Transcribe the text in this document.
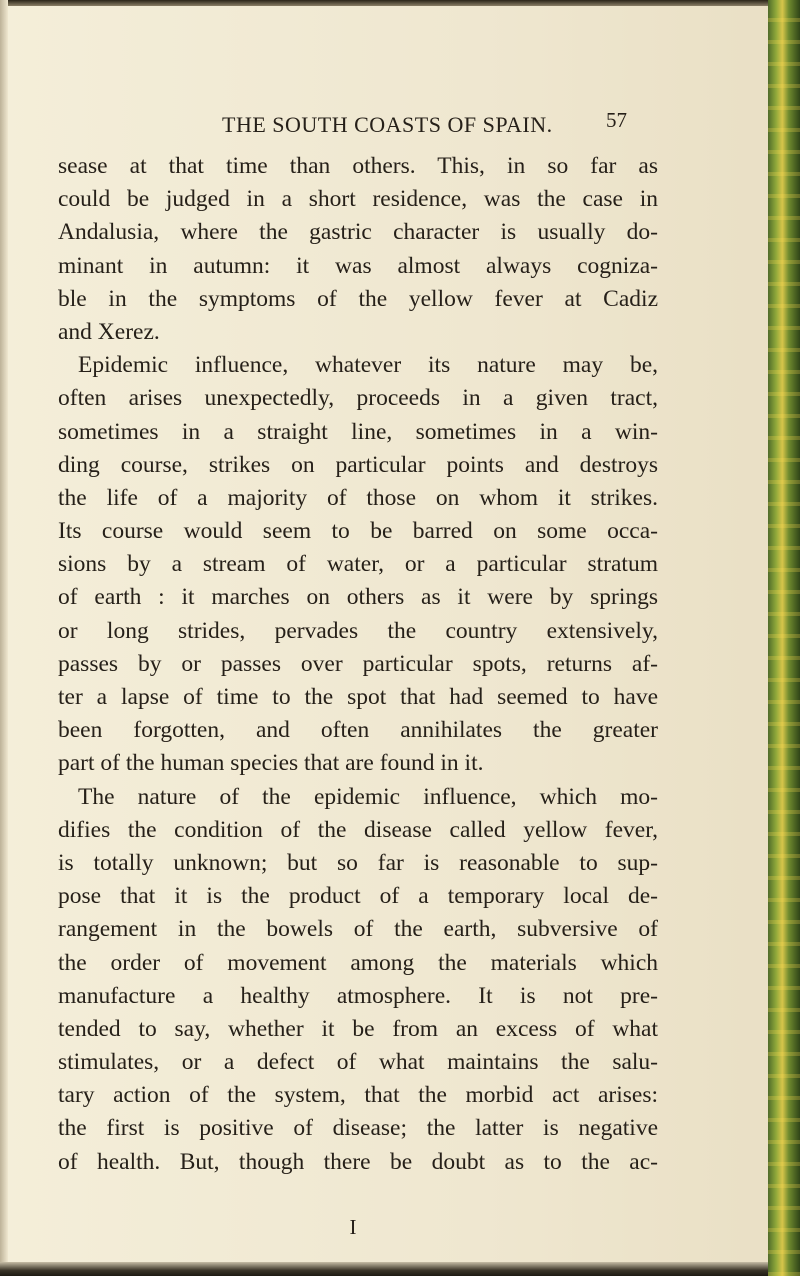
THE SOUTH COASTS OF SPAIN.	57
sease at that time than others. This, in so far as
could be judged in a short residence, was the case in
Andalusia, where the gastric character is usually do-
minant in autumn: it was almost always cogniza-
ble in the symptoms of the yellow fever at Cadiz
and Xerez.
Epidemic influence, whatever its nature may be,
often arises unexpectedly, proceeds in a given tract,
sometimes in a straight line, sometimes in a win-
ding course, strikes on particular points and destroys
the life of a majority of those on whom it strikes.
Its course would seem to be barred on some occa-
sions by a stream of water, or a particular stratum
of earth : it marches on others as it were by springs
or long strides, pervades the country extensively,
passes by or passes over particular spots, returns af-
ter a lapse of time to the spot that had seemed to have
been forgotten, and often annihilates the greater
part of the human species that are found in it.
The nature of the epidemic influence, which mo-
difies the condition of the disease called yellow fever,
is totally unknown; but so far is reasonable to sup-
pose that it is the product of a temporary local de-
rangement in the bowels of the earth, subversive of
the order of movement among the materials which
manufacture a healthy atmosphere. It is not pre-
tended to say, whether it be from an excess of what
stimulates, or a defect of what maintains the salu-
tary action of the system, that the morbid act arises:
the first is positive of disease; the latter is negative
of health. But, though there be doubt as to the ac-
I
